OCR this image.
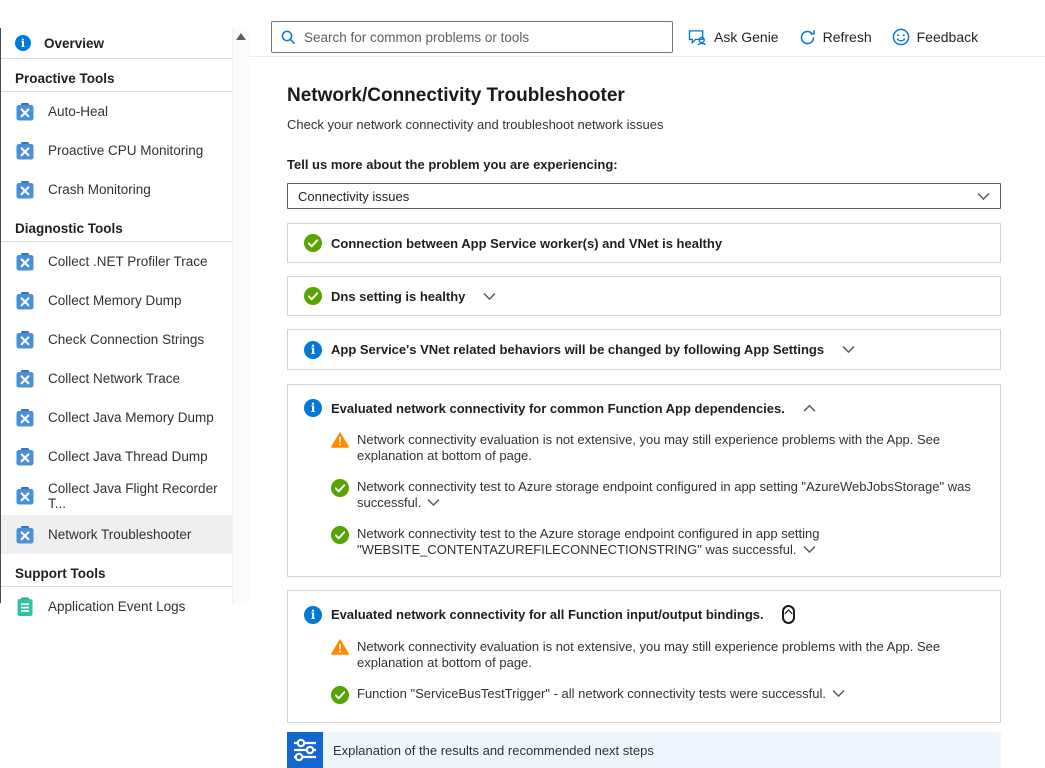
i	Overview
Proactive Tools
Auto-Heal
Proactive CPU Monitoring
Crash Monitoring
Diagnostic Tools
Collect .NET Profiler Trace
Collect Memory Dump
Check Connection Strings
Collect Network Trace
Collect Java Memory Dump
Collect Java Thread Dump
Collect Java Flight Recorder T...
Network Troubleshooter
Support Tools
Application Event Logs
Search for common problems or tools
Ask Genie	Refresh	Feedback
Network/Connectivity Troubleshooter
Check your network connectivity and troubleshoot network issues
Tell us more about the problem you are experiencing:
Connectivity issues
Connection between App Service worker(s) and VNet is healthy
Dns setting is healthy
i	App Service's VNet related behaviors will be changed by following App Settings
i	Evaluated network connectivity for common Function App dependencies.
Network connectivity evaluation is not extensive, you may still experience problems with the App. See explanation at bottom of page.
Network connectivity test to Azure storage endpoint configured in app setting "AzureWebJobsStorage" was successful.
Network connectivity test to the Azure storage endpoint configured in app setting "WEBSITE_CONTENTAZUREFILECONNECTIONSTRING" was successful.
i	Evaluated network connectivity for all Function input/output bindings.
Network connectivity evaluation is not extensive, you may still experience problems with the App. See explanation at bottom of page.
Function "ServiceBusTestTrigger" - all network connectivity tests were successful.
Explanation of the results and recommended next steps
